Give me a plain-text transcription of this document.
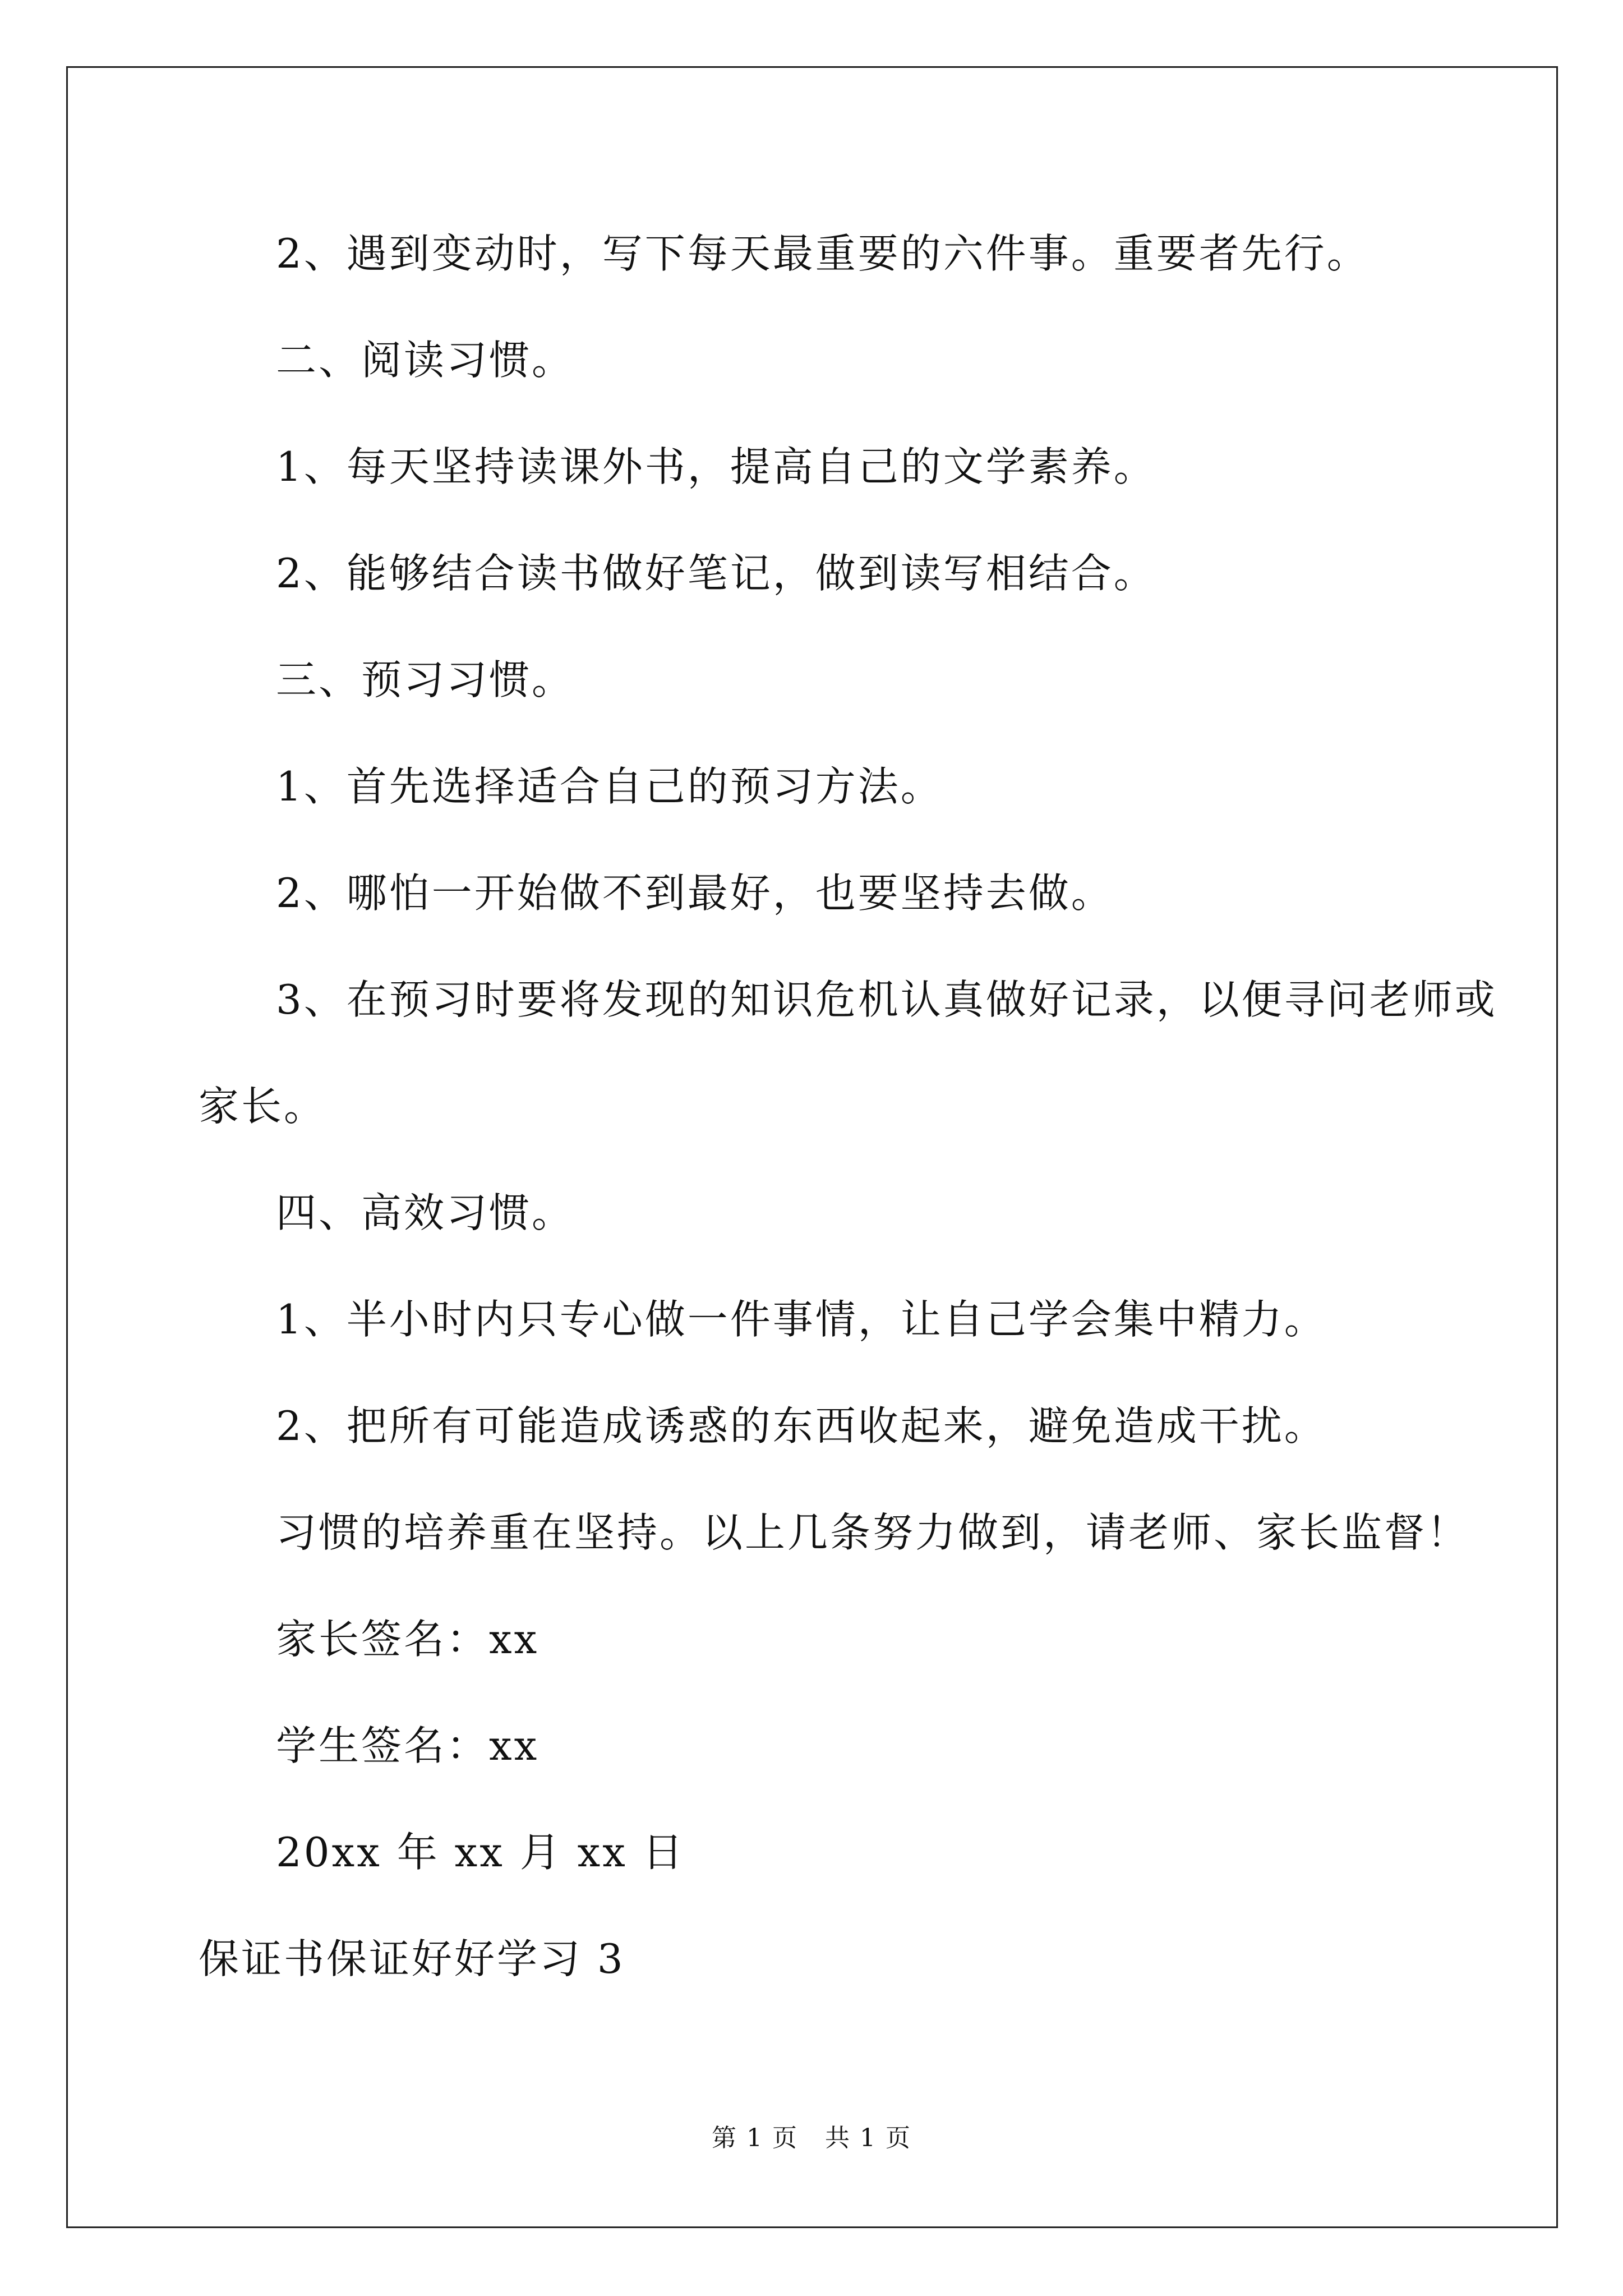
2、遇到变动时，写下每天最重要的六件事。重要者先行。
二、阅读习惯。
1、每天坚持读课外书，提高自己的文学素养。
2、能够结合读书做好笔记，做到读写相结合。
三、预习习惯。
1、首先选择适合自己的预习方法。
2、哪怕一开始做不到最好，也要坚持去做。
3、在预习时要将发现的知识危机认真做好记录，以便寻问老师或
家长。
四、高效习惯。
1、半小时内只专心做一件事情，让自己学会集中精力。
2、把所有可能造成诱惑的东西收起来，避免造成干扰。
习惯的培养重在坚持。以上几条努力做到，请老师、家长监督！
家长签名：xx
学生签名：xx
20xx 年 xx 月 xx 日
保证书保证好好学习 3
第 1 页 共 1 页
